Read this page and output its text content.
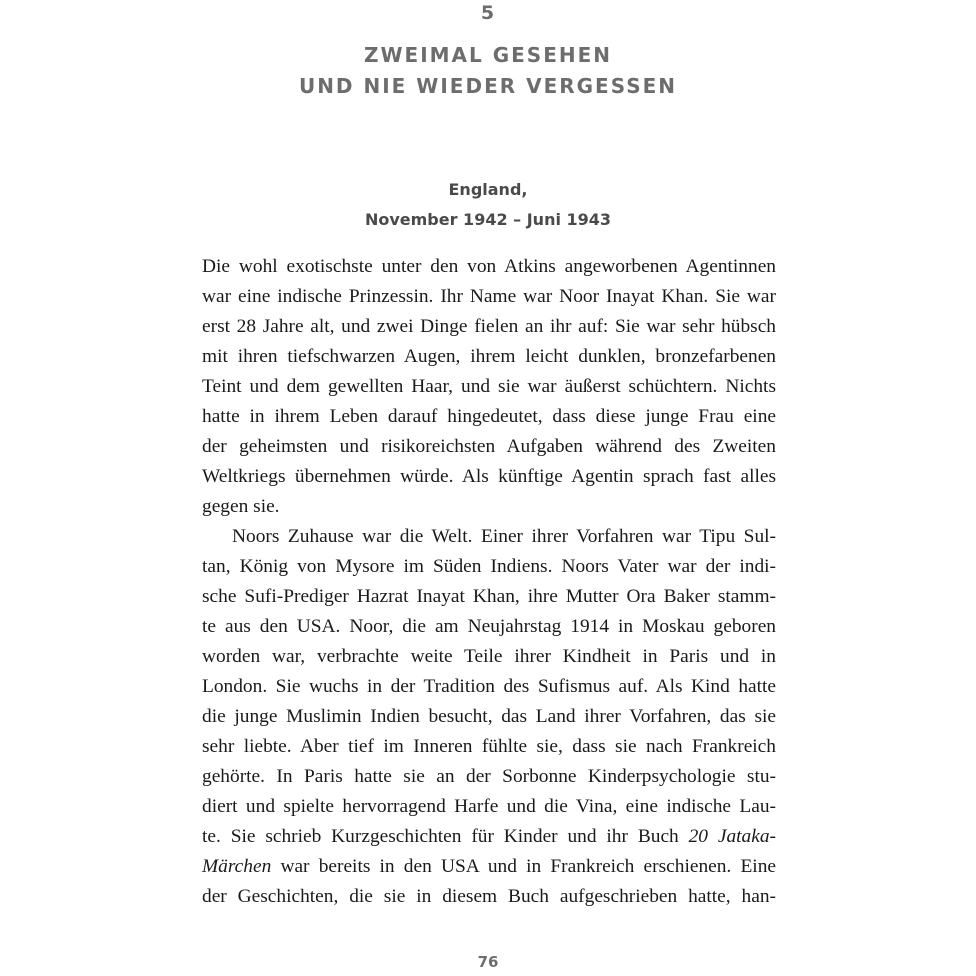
5
ZWEIMAL GESEHEN
UND NIE WIEDER VERGESSEN
England,
November 1942 – Juni 1943
Die wohl exotischste unter den von Atkins angeworbenen Agentinnen
war eine indische Prinzessin. Ihr Name war Noor Inayat Khan. Sie war
erst 28 Jahre alt, und zwei Dinge fielen an ihr auf: Sie war sehr hübsch
mit ihren tiefschwarzen Augen, ihrem leicht dunklen, bronzefarbenen
Teint und dem gewellten Haar, und sie war äußerst schüchtern. Nichts
hatte in ihrem Leben darauf hingedeutet, dass diese junge Frau eine
der geheimsten und risikoreichsten Aufgaben während des Zweiten
Weltkriegs übernehmen würde. Als künftige Agentin sprach fast alles
gegen sie.
Noors Zuhause war die Welt. Einer ihrer Vorfahren war Tipu Sul-
tan, König von Mysore im Süden Indiens. Noors Vater war der indi-
sche Sufi-Prediger Hazrat Inayat Khan, ihre Mutter Ora Baker stamm-
te aus den USA. Noor, die am Neujahrstag 1914 in Moskau geboren
worden war, verbrachte weite Teile ihrer Kindheit in Paris und in
London. Sie wuchs in der Tradition des Sufismus auf. Als Kind hatte
die junge Muslimin Indien besucht, das Land ihrer Vorfahren, das sie
sehr liebte. Aber tief im Inneren fühlte sie, dass sie nach Frankreich
gehörte. In Paris hatte sie an der Sorbonne Kinderpsychologie stu-
diert und spielte hervorragend Harfe und die Vina, eine indische Lau-
te. Sie schrieb Kurzgeschichten für Kinder und ihr Buch 20 Jataka-
Märchen war bereits in den USA und in Frankreich erschienen. Eine
der Geschichten, die sie in diesem Buch aufgeschrieben hatte, han-
76
